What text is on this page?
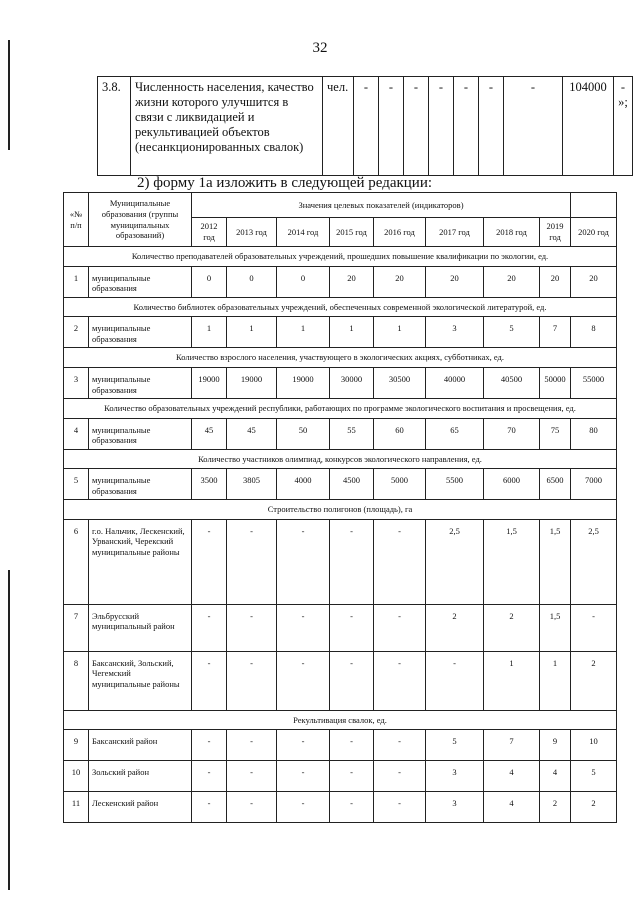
32
3.8.	Численность населения, качество жизни которого улучшится в связи с ликвидацией и рекультивацией объектов (несанкционированных свалок)	чел.	-	-	-	-	-	-	-	104000	-
»;
2) форму 1а изложить в следующей редакции:
«№ п/п	Муниципальные образования (группы муниципальных образований)	Значения целевых показателей (индикаторов)								
		2012 год	2013 год	2014 год	2015 год	2016 год	2017 год	2018 год	2019 год	2020 год
Количество преподавателей образовательных учреждений, прошедших повышение квалификации по экологии, ед.										
1	муниципальные образования	0	0	0	20	20	20	20	20	20
Количество библиотек образовательных учреждений, обеспеченных современной экологической литературой, ед.										
2	муниципальные образования	1	1	1	1	1	3	5	7	8
Количество взрослого населения, участвующего в экологических акциях, субботниках, ед.										
3	муниципальные образования	19000	19000	19000	30000	30500	40000	40500	50000	55000
Количество образовательных учреждений республики, работающих по программе экологического воспитания и просвещения, ед.										
4	муниципальные образования	45	45	50	55	60	65	70	75	80
Количество участников олимпиад, конкурсов экологического направления, ед.										
5	муниципальные образования	3500	3805	4000	4500	5000	5500	6000	6500	7000
Строительство полигонов (площадь), га										
6	г.о. Нальчик, Лескенский, Урванский, Черекский муниципальные районы	-	-	-	-	-	2,5	1,5	1,5	2,5
7	Эльбрусский муниципальный район	-	-	-	-	-	2	2	1,5	-
8	Баксанский, Зольский, Чегемский муниципальные районы	-	-	-	-	-	-	1	1	2
Рекультивация свалок, ед.										
9	Баксанский район	-	-	-	-	-	5	7	9	10
10	Зольский район	-	-	-	-	-	3	4	4	5
11	Лескенский район	-	-	-	-	-	3	4	2	2
